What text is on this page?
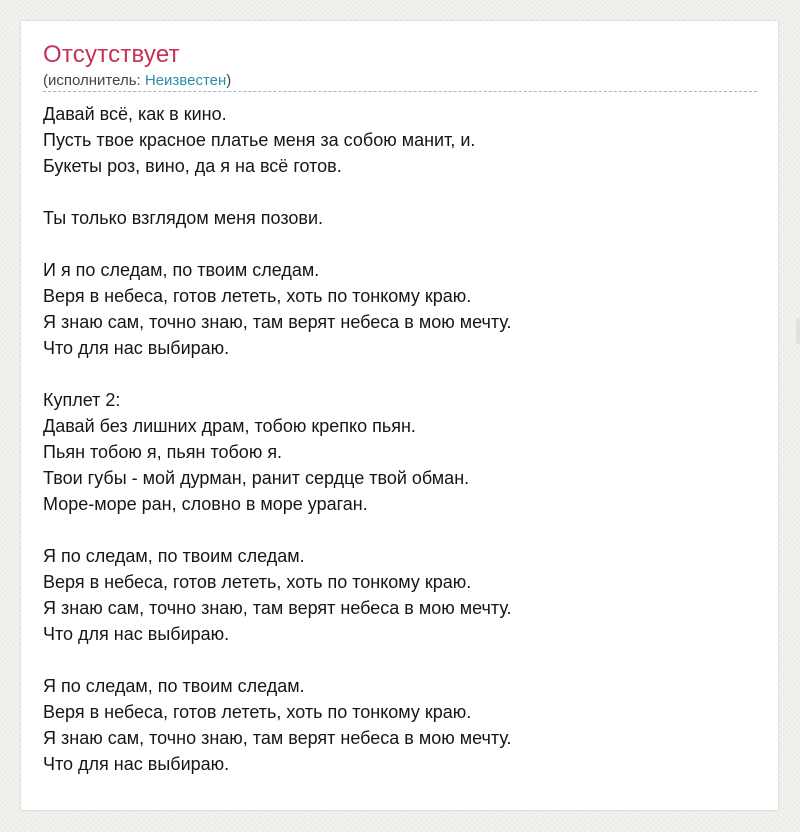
Отсутствует
(исполнитель: Неизвестен)
Давай всё, как в кино.
Пусть твое красное платье меня за собою манит, и.
Букеты роз, вино, да я на всё готов.
Ты только взглядом меня позови.
И я по следам, по твоим следам.
Веря в небеса, готов лететь, хоть по тонкому краю.
Я знаю сам, точно знаю, там верят небеса в мою мечту.
Что для нас выбираю.
Куплет 2:
Давай без лишних драм, тобою крепко пьян.
Пьян тобою я, пьян тобою я.
Твои губы - мой дурман, ранит сердце твой обман.
Море-море ран, словно в море ураган.
Я по следам, по твоим следам.
Веря в небеса, готов лететь, хоть по тонкому краю.
Я знаю сам, точно знаю, там верят небеса в мою мечту.
Что для нас выбираю.
Я по следам, по твоим следам.
Веря в небеса, готов лететь, хоть по тонкому краю.
Я знаю сам, точно знаю, там верят небеса в мою мечту.
Что для нас выбираю.
